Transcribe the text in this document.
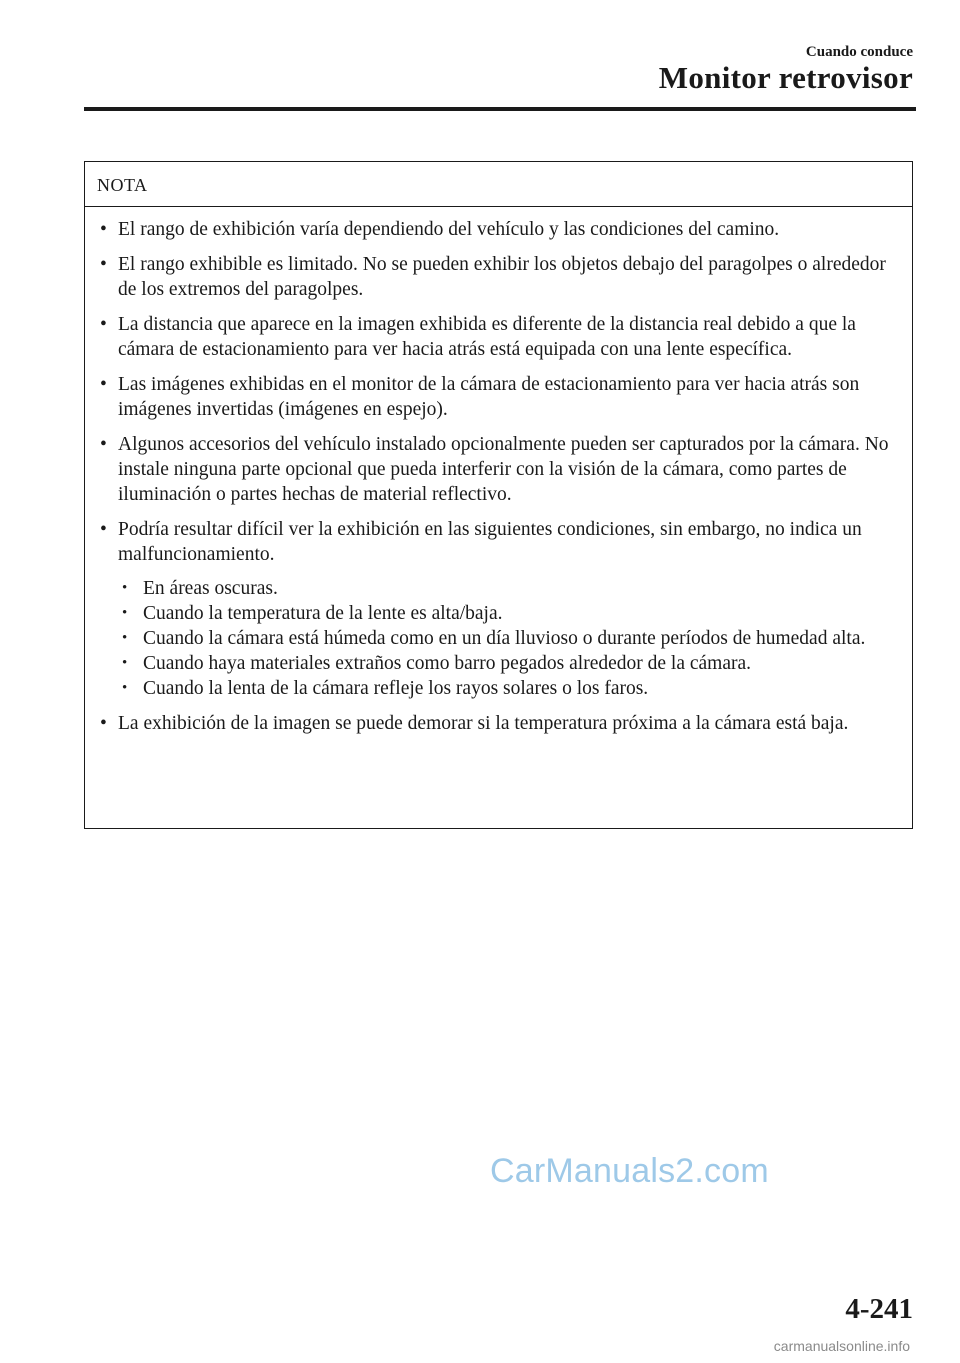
Cuando conduce
Monitor retrovisor
NOTA
• El rango de exhibición varía dependiendo del vehículo y las condiciones del camino.
• El rango exhibible es limitado. No se pueden exhibir los objetos debajo del paragolpes o alrededor de los extremos del paragolpes.
• La distancia que aparece en la imagen exhibida es diferente de la distancia real debido a que la cámara de estacionamiento para ver hacia atrás está equipada con una lente específica.
• Las imágenes exhibidas en el monitor de la cámara de estacionamiento para ver hacia atrás son imágenes invertidas (imágenes en espejo).
• Algunos accesorios del vehículo instalado opcionalmente pueden ser capturados por la cámara. No instale ninguna parte opcional que pueda interferir con la visión de la cámara, como partes de iluminación o partes hechas de material reflectivo.
• Podría resultar difícil ver la exhibición en las siguientes condiciones, sin embargo, no indica un malfuncionamiento.
• En áreas oscuras.
• Cuando la temperatura de la lente es alta/baja.
• Cuando la cámara está húmeda como en un día lluvioso o durante períodos de humedad alta.
• Cuando haya materiales extraños como barro pegados alrededor de la cámara.
• Cuando la lenta de la cámara refleje los rayos solares o los faros.
• La exhibición de la imagen se puede demorar si la temperatura próxima a la cámara está baja.
CarManuals2.com
4-241
carmanualsonline.info
